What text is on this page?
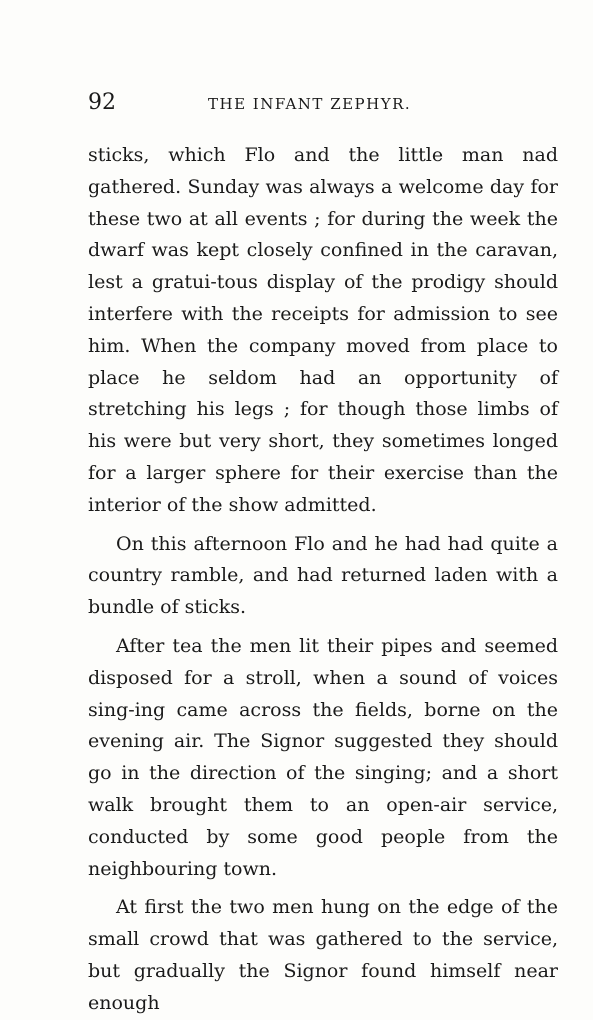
92	THE INFANT ZEPHYR.

sticks, which Flo and the little man nad gathered. Sunday was always a welcome day for these two at all events ; for during the week the dwarf was kept closely confined in the caravan, lest a gratui-tous display of the prodigy should interfere with the receipts for admission to see him. When the company moved from place to place he seldom had an opportunity of stretching his legs ; for though those limbs of his were but very short, they sometimes longed for a larger sphere for their exercise than the interior of the show admitted.

On this afternoon Flo and he had had quite a country ramble, and had returned laden with a bundle of sticks.

After tea the men lit their pipes and seemed disposed for a stroll, when a sound of voices sing-ing came across the fields, borne on the evening air. The Signor suggested they should go in the direction of the singing; and a short walk brought them to an open-air service, conducted by some good people from the neighbouring town.

At first the two men hung on the edge of the small crowd that was gathered to the service, but gradually the Signor found himself near enough
